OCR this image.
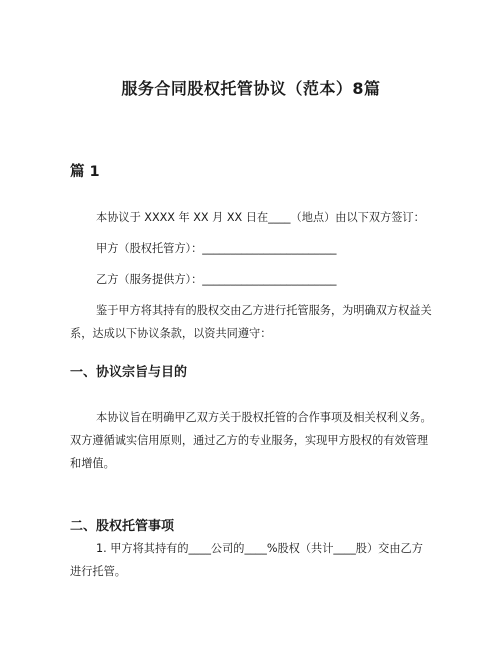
服务合同股权托管协议（范本）8篇
篇 1

本协议于 XXXX 年 XX 月 XX 日在____（地点）由以下双方签订：

甲方（股权托管方）：________________________

乙方（服务提供方）：________________________

鉴于甲方将其持有的股权交由乙方进行托管服务，为明确双方权益关系，达成以下协议条款，以资共同遵守：

一、协议宗旨与目的

本协议旨在明确甲乙双方关于股权托管的合作事项及相关权利义务。双方遵循诚实信用原则，通过乙方的专业服务，实现甲方股权的有效管理和增值。

二、股权托管事项

1. 甲方将其持有的____公司的____%股权（共计____股）交由乙方进行托管。
